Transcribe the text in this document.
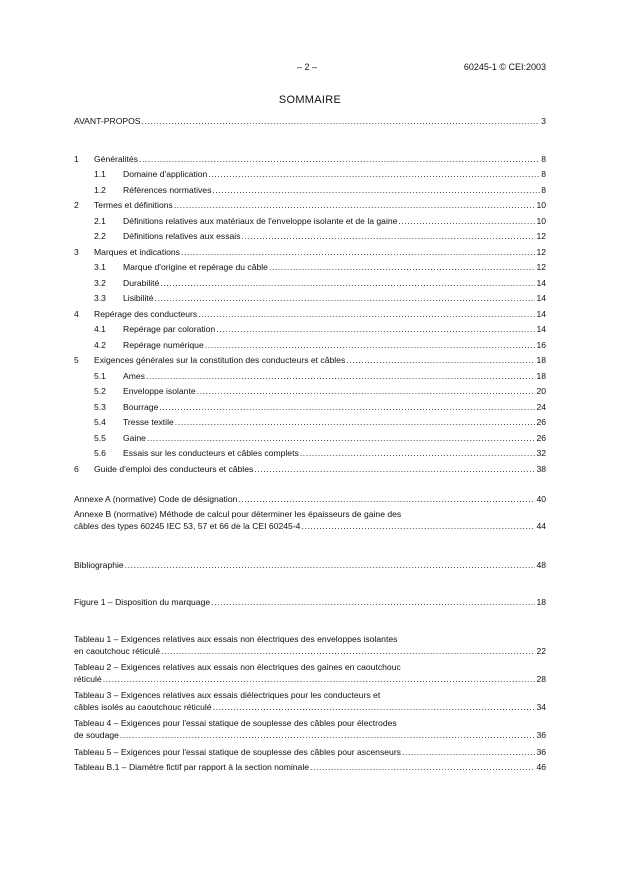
– 2 –	60245-1 © CEI:2003
SOMMAIRE
AVANT-PROPOS .....	3
1	Généralités .....	8
1.1	Domaine d'application .....	8
1.2	Références normatives .....	8
2	Termes et définitions .....	10
2.1	Définitions relatives aux matériaux de l'enveloppe isolante et de la gaine .....	10
2.2	Définitions relatives aux essais .....	12
3	Marques et indications .....	12
3.1	Marque d'origine et repérage du câble .....	12
3.2	Durabilité .....	14
3.3	Lisibilité .....	14
4	Repérage des conducteurs .....	14
4.1	Repérage par coloration .....	14
4.2	Repérage numérique .....	16
5	Exigences générales sur la constitution des conducteurs et câbles .....	18
5.1	Ames .....	18
5.2	Enveloppe isolante .....	20
5.3	Bourrage .....	24
5.4	Tresse textile .....	26
5.5	Gaine .....	26
5.6	Essais sur les conducteurs et câbles complets .....	32
6	Guide d'emploi des conducteurs et câbles .....	38
Annexe A (normative) Code de désignation .....	40
Annexe B (normative) Méthode de calcul pour déterminer les épaisseurs de gaine des
câbles des types 60245 IEC 53, 57 et 66 de la CEI 60245-4 .....	44
Bibliographie .....	48
Figure 1 – Disposition du marquage .....	18
Tableau 1 – Exigences relatives aux essais non électriques des enveloppes isolantes
en caoutchouc réticulé .....	22
Tableau 2 – Exigences relatives aux essais non électriques des gaines en caoutchouc
réticulé .....	28
Tableau 3 – Exigences relatives aux essais diélectriques pour les conducteurs et
câbles isolés au caoutchouc réticulé .....	34
Tableau 4 – Exigences pour l'essai statique de souplesse des câbles pour électrodes
de soudage .....	36
Tableau 5 – Exigences pour l'essai statique de souplesse des câbles pour ascenseurs .....	36
Tableau B.1 – Diamètre fictif par rapport à la section nominale .....	46
